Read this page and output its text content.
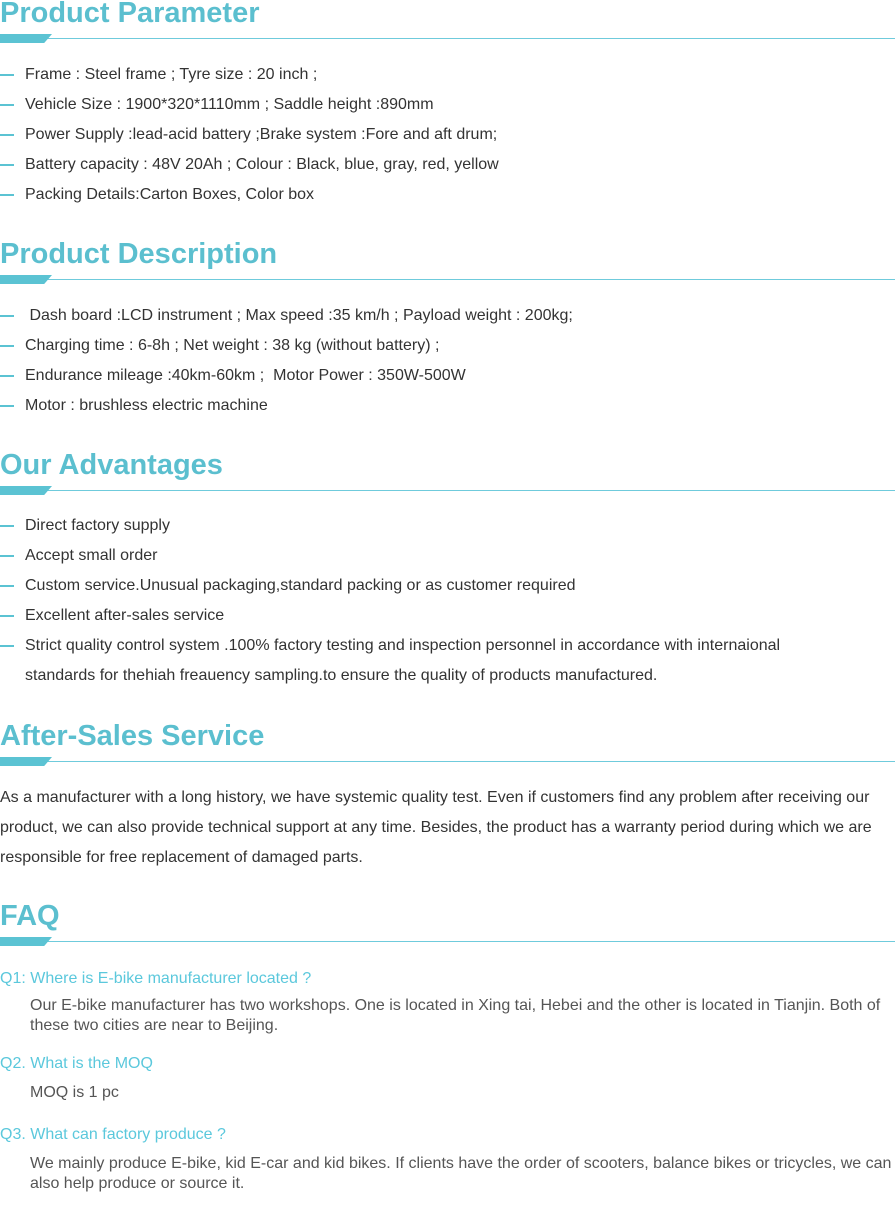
Product Parameter
Frame : Steel frame ; Tyre size : 20 inch ;
Vehicle Size : 1900*320*1110mm ; Saddle height :890mm
Power Supply :lead-acid battery ;Brake system :Fore and aft drum;
Battery capacity : 48V 20Ah ; Colour : Black, blue, gray, red, yellow
Packing Details:Carton Boxes, Color box
Product Description
Dash board :LCD instrument ; Max speed :35 km/h ; Payload weight : 200kg;
Charging time : 6-8h ; Net weight : 38 kg (without battery) ;
Endurance mileage :40km-60km ;  Motor Power : 350W-500W
Motor : brushless electric machine
Our Advantages
Direct factory supply
Accept small order
Custom service.Unusual packaging,standard packing or as customer required
Excellent after-sales service
Strict quality control system .100% factory testing and inspection personnel in accordance with internaional standards for thehiah freauency sampling.to ensure the quality of products manufactured.
After-Sales Service
As a manufacturer with a long history, we have systemic quality test. Even if customers find any problem after receiving our product, we can also provide technical support at any time. Besides, the product has a warranty period during which we are responsible for free replacement of damaged parts.
FAQ
Q1: Where is E-bike manufacturer located ?
Our E-bike manufacturer has two workshops. One is located in Xing tai, Hebei and the other is located in Tianjin. Both of these two cities are near to Beijing.
Q2. What is the MOQ
MOQ is 1 pc
Q3. What can factory produce ?
We mainly produce E-bike, kid E-car and kid bikes. If clients have the order of scooters, balance bikes or tricycles, we can also help produce or source it.
